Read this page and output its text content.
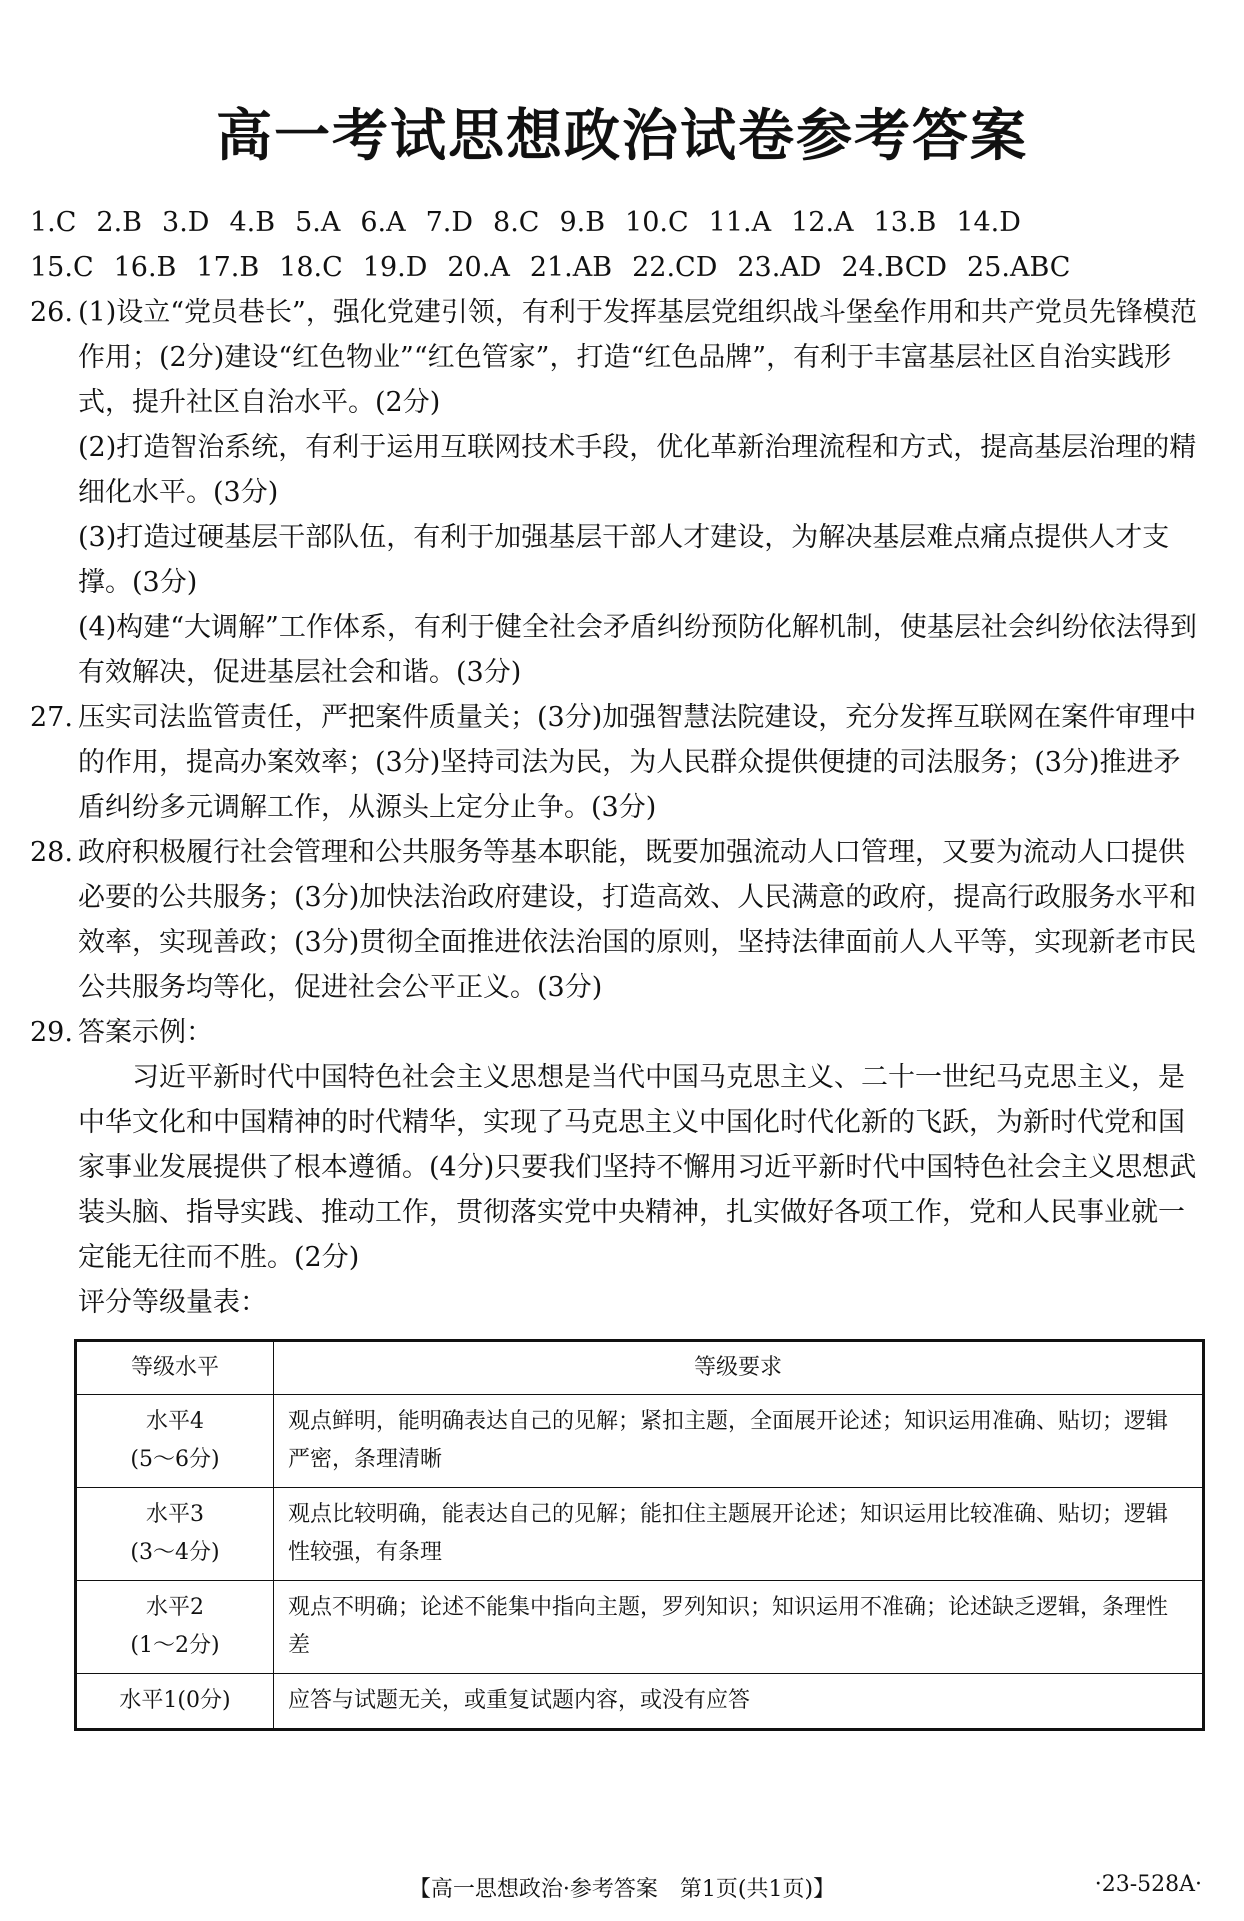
高一考试思想政治试卷参考答案
1.C 2.B 3.D 4.B 5.A 6.A 7.D 8.C 9.B 10.C 11.A 12.A 13.B 14.D
15.C 16.B 17.B 18.C 19.D 20.A 21.AB 22.CD 23.AD 24.BCD 25.ABC
26. (1)设立“党员巷长”，强化党建引领，有利于发挥基层党组织战斗堡垒作用和共产党员先锋模范作用；(2分)建设“红色物业”“红色管家”，打造“红色品牌”，有利于丰富基层社区自治实践形式，提升社区自治水平。(2分)
(2)打造智治系统，有利于运用互联网技术手段，优化革新治理流程和方式，提高基层治理的精细化水平。(3分)
(3)打造过硬基层干部队伍，有利于加强基层干部人才建设，为解决基层难点痛点提供人才支撑。(3分)
(4)构建“大调解”工作体系，有利于健全社会矛盾纠纷预防化解机制，使基层社会纠纷依法得到有效解决，促进基层社会和谐。(3分)
27. 压实司法监管责任，严把案件质量关；(3分)加强智慧法院建设，充分发挥互联网在案件审理中的作用，提高办案效率；(3分)坚持司法为民，为人民群众提供便捷的司法服务；(3分)推进矛盾纠纷多元调解工作，从源头上定分止争。(3分)
28. 政府积极履行社会管理和公共服务等基本职能，既要加强流动人口管理，又要为流动人口提供必要的公共服务；(3分)加快法治政府建设，打造高效、人民满意的政府，提高行政服务水平和效率，实现善政；(3分)贯彻全面推进依法治国的原则，坚持法律面前人人平等，实现新老市民公共服务均等化，促进社会公平正义。(3分)
29. 答案示例：
习近平新时代中国特色社会主义思想是当代中国马克思主义、二十一世纪马克思主义，是中华文化和中国精神的时代精华，实现了马克思主义中国化时代化新的飞跃，为新时代党和国家事业发展提供了根本遵循。(4分)只要我们坚持不懈用习近平新时代中国特色社会主义思想武装头脑、指导实践、推动工作，贯彻落实党中央精神，扎实做好各项工作，党和人民事业就一定能无往而不胜。(2分)
评分等级量表：
等级水平	等级要求

水平4
(5～6分)	观点鲜明，能明确表达自己的见解；紧扣主题，全面展开论述；知识运用准确、贴切；逻辑严密，条理清晰

水平3
(3～4分)	观点比较明确，能表达自己的见解；能扣住主题展开论述；知识运用比较准确、贴切；逻辑性较强，有条理

水平2
(1～2分)	观点不明确；论述不能集中指向主题，罗列知识；知识运用不准确；论述缺乏逻辑，条理性差

水平1(0分)	应答与试题无关，或重复试题内容，或没有应答
【高一思想政治·参考答案　第1页(共1页)】	·23-528A·
